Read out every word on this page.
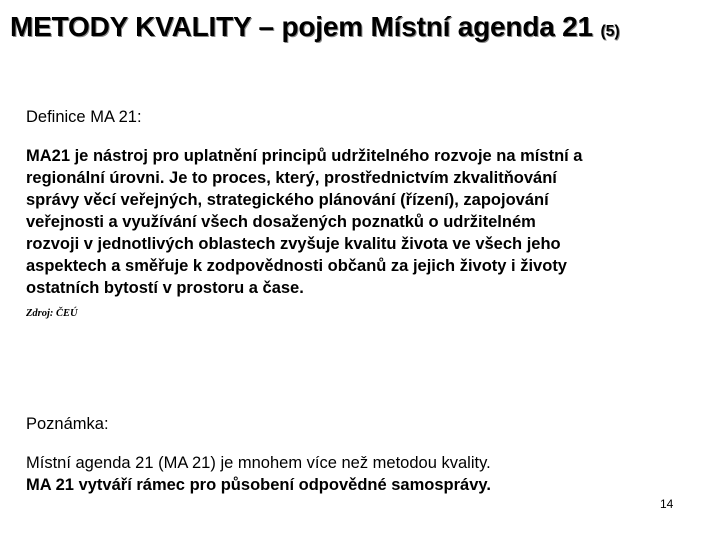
METODY KVALITY – pojem Místní agenda 21 (5)
Definice MA 21:
MA21 je nástroj pro uplatnění principů udržitelného rozvoje na místní a
regionální úrovni. Je to proces, který, prostřednictvím zkvalitňování
správy věcí veřejných, strategického plánování (řízení), zapojování
veřejnosti a využívání všech dosažených poznatků o udržitelném
rozvoji v jednotlivých oblastech zvyšuje kvalitu života ve všech jeho
aspektech a směřuje k zodpovědnosti občanů za jejich životy i životy
ostatních bytostí v prostoru a čase.
Zdroj: ČEÚ
Poznámka:
Místní agenda 21 (MA 21) je mnohem více než metodou kvality.
MA 21 vytváří rámec pro působení odpovědné samosprávy.
14
